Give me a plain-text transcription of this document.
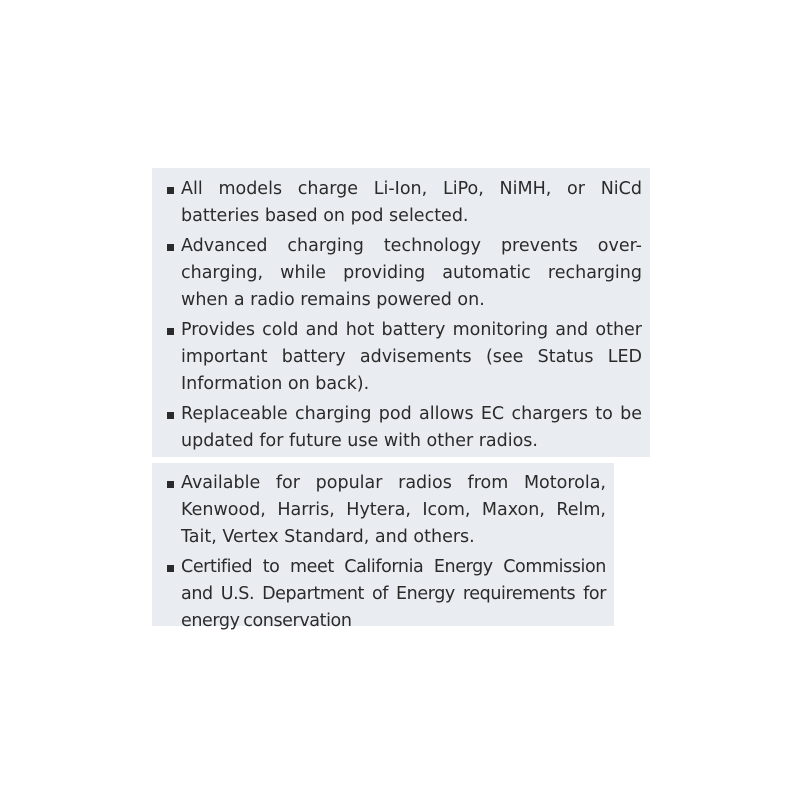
All models charge Li-Ion, LiPo, NiMH, or NiCd batteries based on pod selected.
Advanced charging technology prevents over-charging, while providing automatic recharging when a radio remains powered on.
Provides cold and hot battery monitoring and other important battery advisements (see Status LED Information on back).
Replaceable charging pod allows EC chargers to be updated for future use with other radios.
Available for popular radios from Motorola, Kenwood, Harris, Hytera, Icom, Maxon, Relm, Tait, Vertex Standard, and others.
Certified to meet California Energy Commission and U.S. Department of Energy requirements for energy conservation
